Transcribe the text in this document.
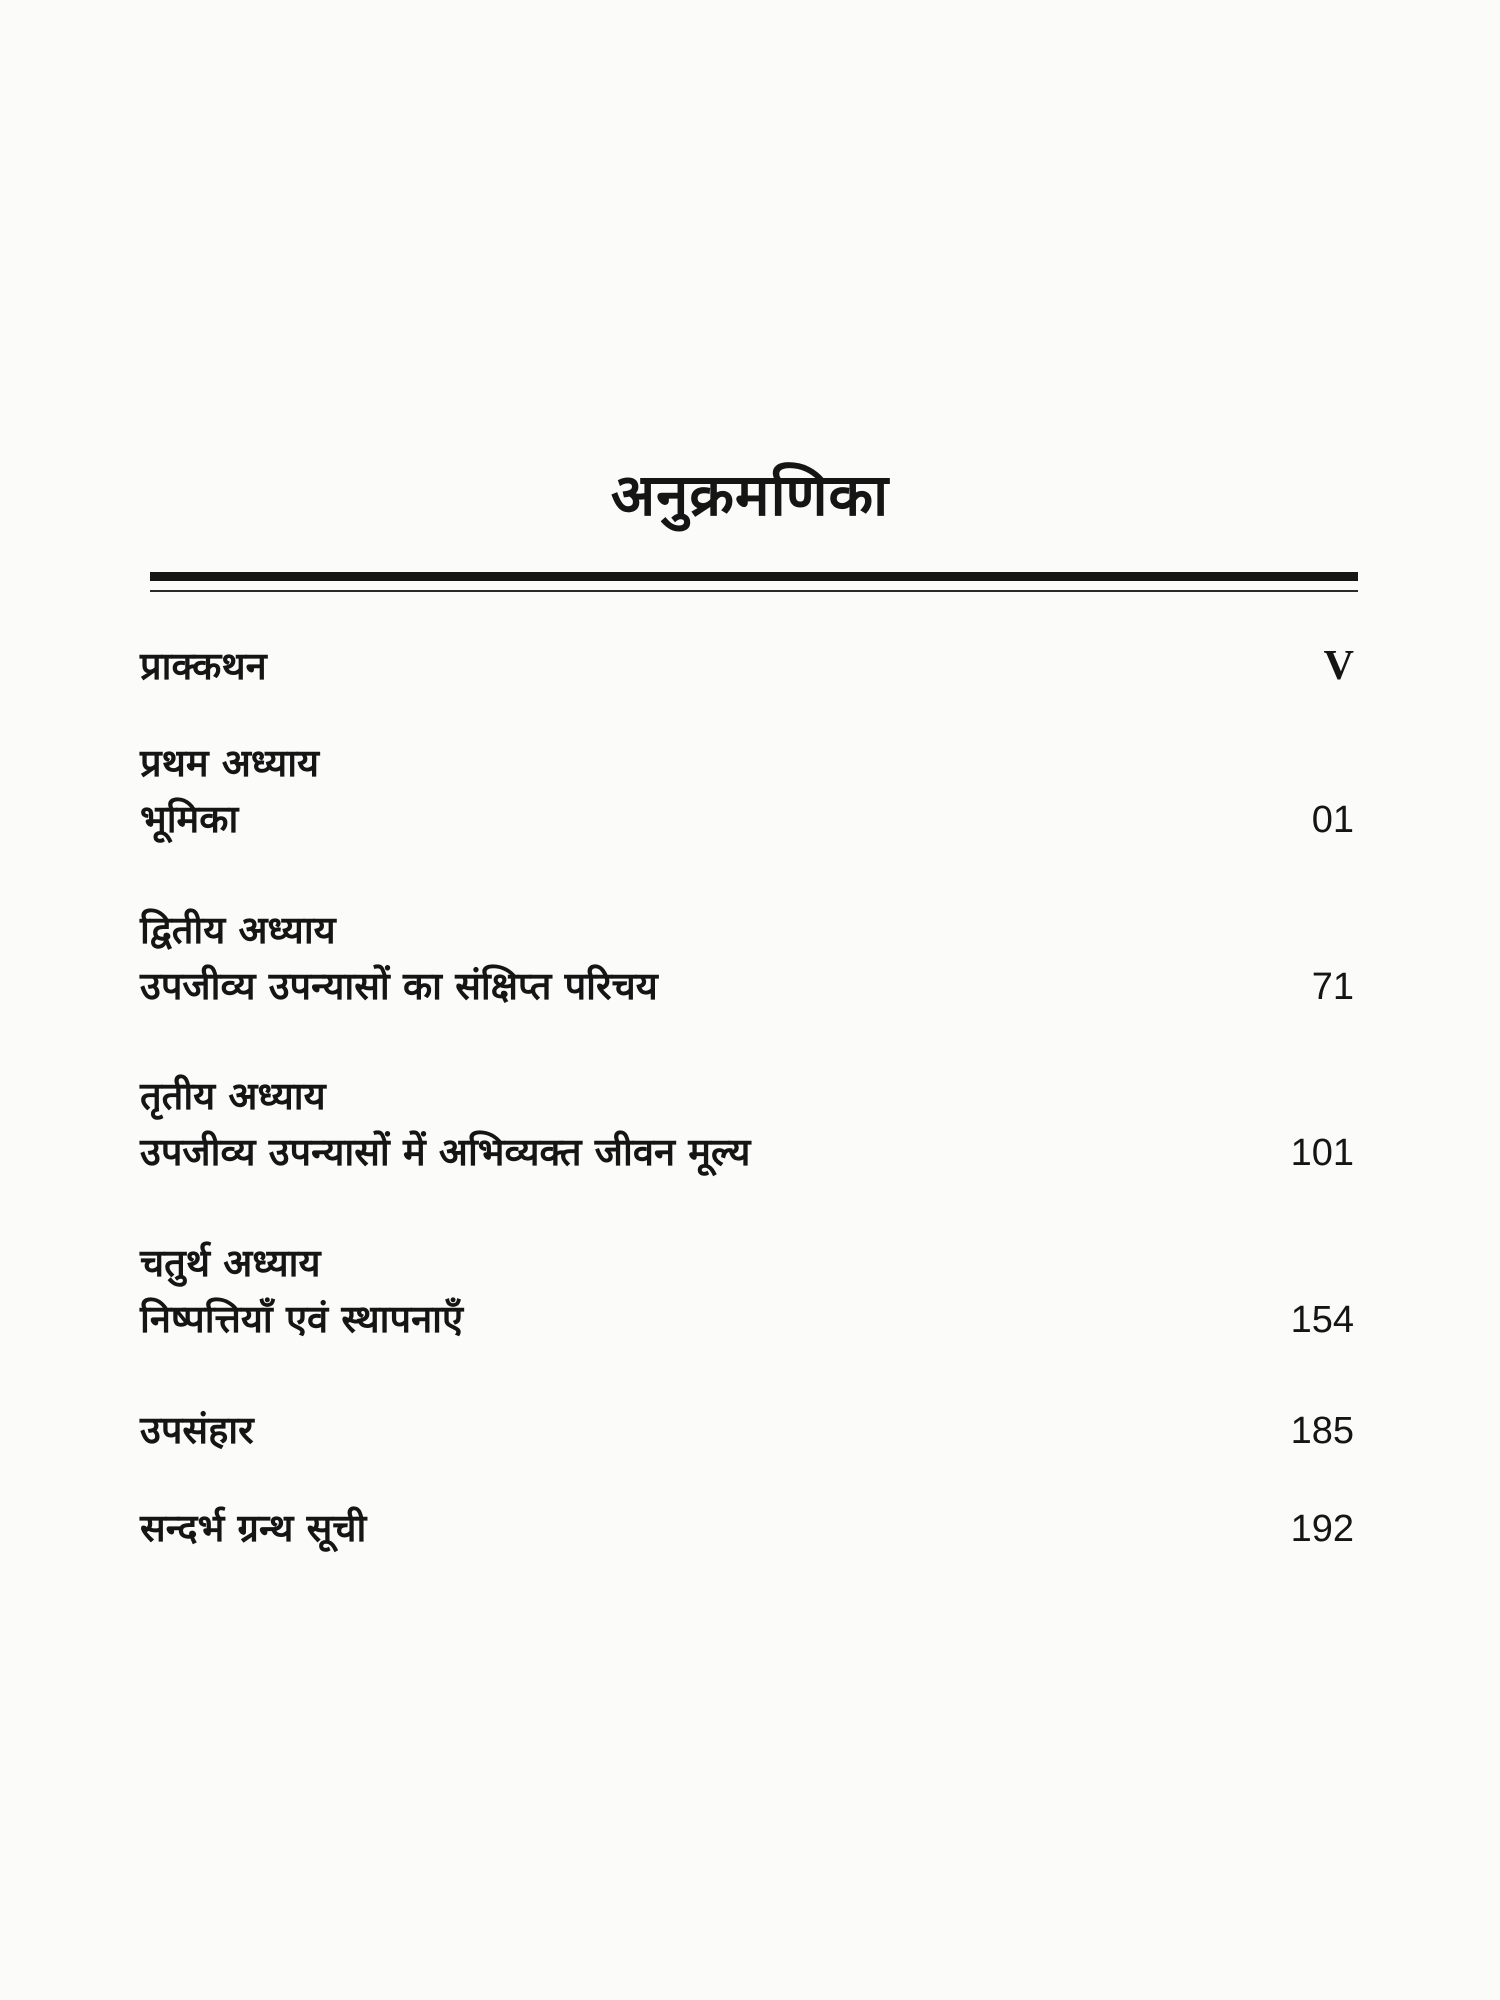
अनुक्रमणिका
प्राक्कथन	V
प्रथम अध्याय
भूमिका	01
द्वितीय अध्याय
उपजीव्य उपन्यासों का संक्षिप्त परिचय	71
तृतीय अध्याय
उपजीव्य उपन्यासों में अभिव्यक्त जीवन मूल्य	101
चतुर्थ अध्याय
निष्पत्तियाँ एवं स्थापनाएँ	154
उपसंहार	185
सन्दर्भ ग्रन्थ सूची	192
